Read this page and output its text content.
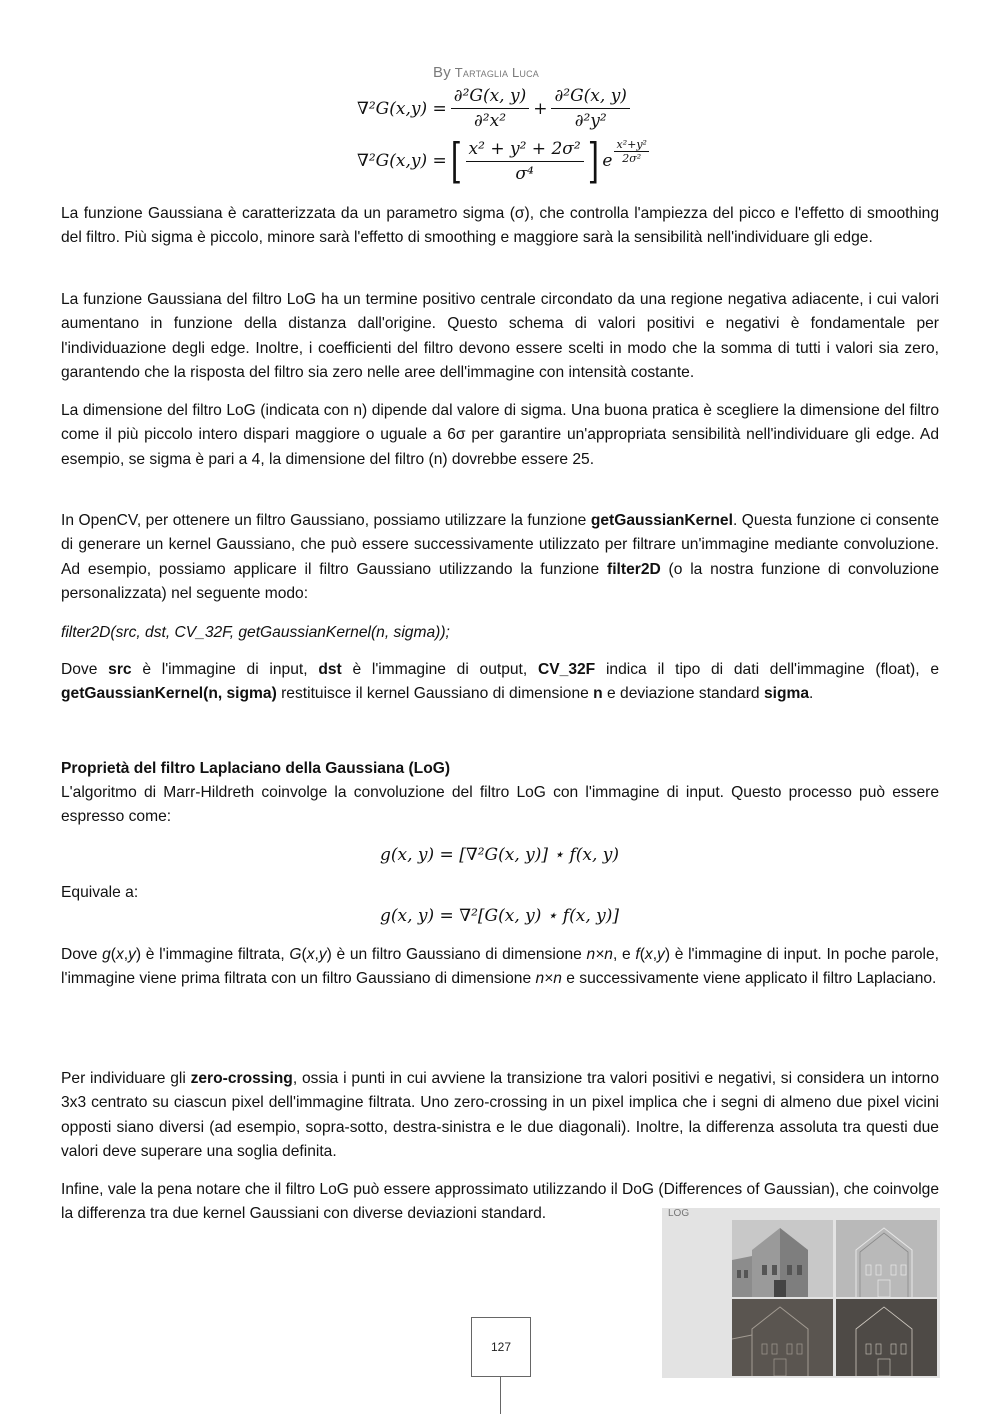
By Tartaglia Luca
$\nabla^2G(x,y) = \frac{\text{∂²G(x, y)}}{\text{∂²x²}} + \frac{\text{∂²G(x, y)}}{\text{∂²y²}}$
∇²G(x,y) = [ $\frac{\text{x² + y² + 2σ²}}{\text{σ⁴}}$ ] e $\frac{\text{x²+y²}}{\text{2σ²}}$

La funzione Gaussiana è caratterizzata da un parametro sigma (σ), che controlla l'ampiezza del picco e l'effetto di smoothing del filtro. Più sigma è piccolo, minore sarà l'effetto di smoothing e maggiore sarà la sensibilità nell'individuare gli edge.

La funzione Gaussiana del filtro LoG ha un termine positivo centrale circondato da una regione negativa adiacente, i cui valori aumentano in funzione della distanza dall'origine. Questo schema di valori positivi e negativi è fondamentale per l'individuazione degli edge. Inoltre, i coefficienti del filtro devono essere scelti in modo che la somma di tutti i valori sia zero, garantendo che la risposta del filtro sia zero nelle aree dell'immagine con intensità costante.

La dimensione del filtro LoG (indicata con n) dipende dal valore di sigma. Una buona pratica è scegliere la dimensione del filtro come il più piccolo intero dispari maggiore o uguale a 6σ per garantire un'appropriata sensibilità nell'individuare gli edge. Ad esempio, se sigma è pari a 4, la dimensione del filtro (n) dovrebbe essere 25.

In OpenCV, per ottenere un filtro Gaussiano, possiamo utilizzare la funzione getGaussianKernel. Questa funzione ci consente di generare un kernel Gaussiano, che può essere successivamente utilizzato per filtrare un'immagine mediante convoluzione. Ad esempio, possiamo applicare il filtro Gaussiano utilizzando la funzione filter2D (o la nostra funzione di convoluzione personalizzata) nel seguente modo:

filter2D(src, dst, CV_32F, getGaussianKernel(n, sigma));

Dove src è l'immagine di input, dst è l'immagine di output, CV_32F indica il tipo di dati dell'immagine (float), e getGaussianKernel(n, sigma) restituisce il kernel Gaussiano di dimensione n e deviazione standard sigma.

Proprietà del filtro Laplaciano della Gaussiana (LoG)

L'algoritmo di Marr-Hildreth coinvolge la convoluzione del filtro LoG con l'immagine di input. Questo processo può essere espresso come:

g(x, y) = [∇²G(x, y)] ⋆ f(x, y)

Equivale a:

g(x, y) = ∇²[G(x, y) ⋆ f(x, y)]

Dove g(x,y) è l'immagine filtrata, G(x,y) è un filtro Gaussiano di dimensione n×n, e f(x,y) è l'immagine di input. In poche parole, l'immagine viene prima filtrata con un filtro Gaussiano di dimensione n×n e successivamente viene applicato il filtro Laplaciano.

Per individuare gli zero-crossing, ossia i punti in cui avviene la transizione tra valori positivi e negativi, si considera un intorno 3x3 centrato su ciascun pixel dell'immagine filtrata. Uno zero-crossing in un pixel implica che i segni di almeno due pixel vicini opposti siano diversi (ad esempio, sopra-sotto, destra-sinistra e le due diagonali). Inoltre, la differenza assoluta tra questi due valori deve superare una soglia definita.

Infine, vale la pena notare che il filtro LoG può essere approssimato utilizzando il DoG (Differences of Gaussian), che coinvolge la differenza tra due kernel Gaussiani con diverse deviazioni standard.	LOG
127
